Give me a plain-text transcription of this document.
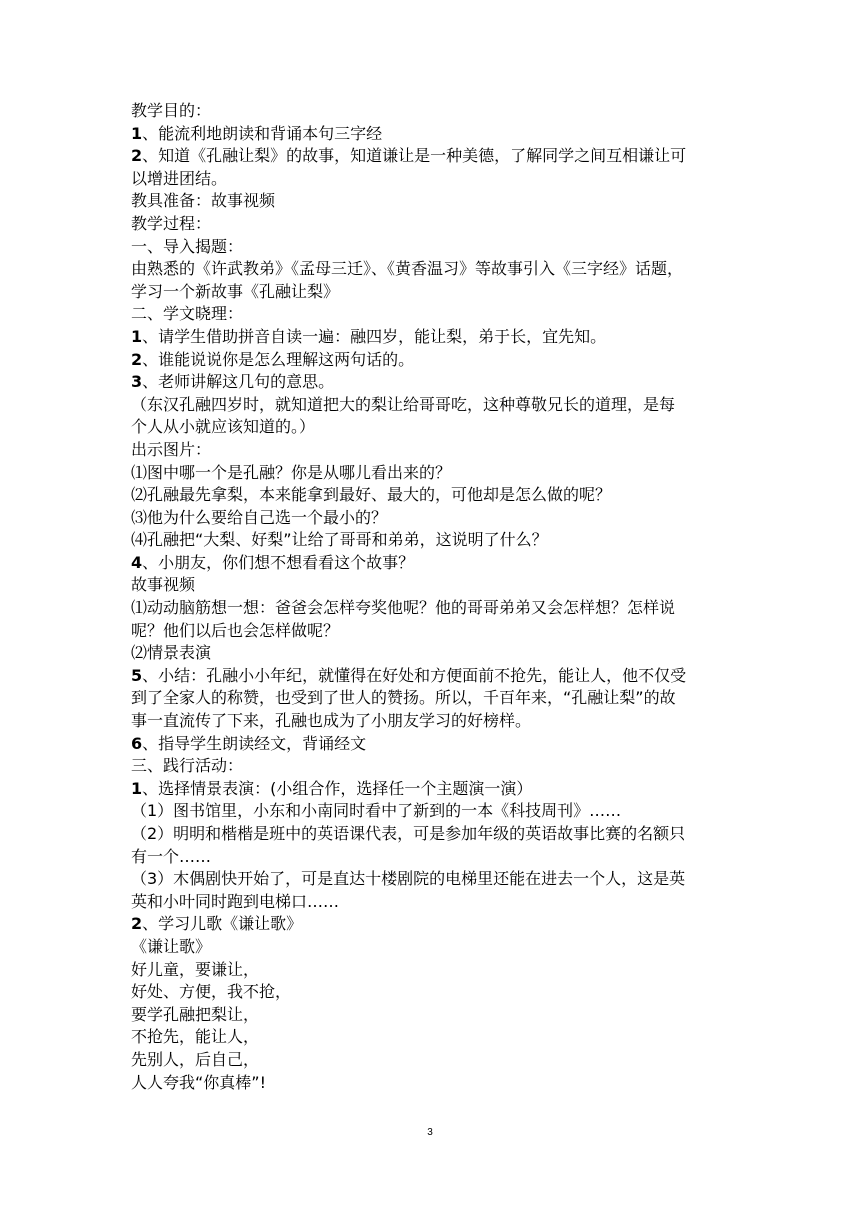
教学目的：
1、能流利地朗读和背诵本句三字经
2、知道《孔融让梨》的故事，知道谦让是一种美德，了解同学之间互相谦让可
以增进团结。
教具准备：故事视频
教学过程：
一、导入揭题：
由熟悉的《许武教弟》《孟母三迁》、《黄香温习》等故事引入《三字经》话题，
学习一个新故事《孔融让梨》
二、学文晓理：
1、请学生借助拼音自读一遍：融四岁，能让梨，弟于长，宜先知。
2、谁能说说你是怎么理解这两句话的。
3、老师讲解这几句的意思。
（东汉孔融四岁时，就知道把大的梨让给哥哥吃，这种尊敬兄长的道理，是每
个人从小就应该知道的。）
出示图片：
⑴图中哪一个是孔融？你是从哪儿看出来的？
⑵孔融最先拿梨，本来能拿到最好、最大的，可他却是怎么做的呢？
⑶他为什么要给自己选一个最小的？
⑷孔融把“大梨、好梨”让给了哥哥和弟弟，这说明了什么？
4、小朋友，你们想不想看看这个故事？
故事视频
⑴动动脑筋想一想：爸爸会怎样夸奖他呢？他的哥哥弟弟又会怎样想？怎样说
呢？他们以后也会怎样做呢？
⑵情景表演
5、小结：孔融小小年纪，就懂得在好处和方便面前不抢先，能让人，他不仅受
到了全家人的称赞，也受到了世人的赞扬。所以，千百年来，“孔融让梨”的故
事一直流传了下来，孔融也成为了小朋友学习的好榜样。
6、指导学生朗读经文，背诵经文
三、践行活动：
1、选择情景表演：(小组合作，选择任一个主题演一演）
（1）图书馆里，小东和小南同时看中了新到的一本《科技周刊》……
（2）明明和楷楷是班中的英语课代表，可是参加年级的英语故事比赛的名额只
有一个……
（3）木偶剧快开始了，可是直达十楼剧院的电梯里还能在进去一个人，这是英
英和小叶同时跑到电梯口……
2、学习儿歌《谦让歌》
《谦让歌》
好儿童，要谦让，
好处、方便，我不抢，
要学孔融把梨让，
不抢先，能让人，
先别人，后自己，
人人夸我“你真棒”!
3
